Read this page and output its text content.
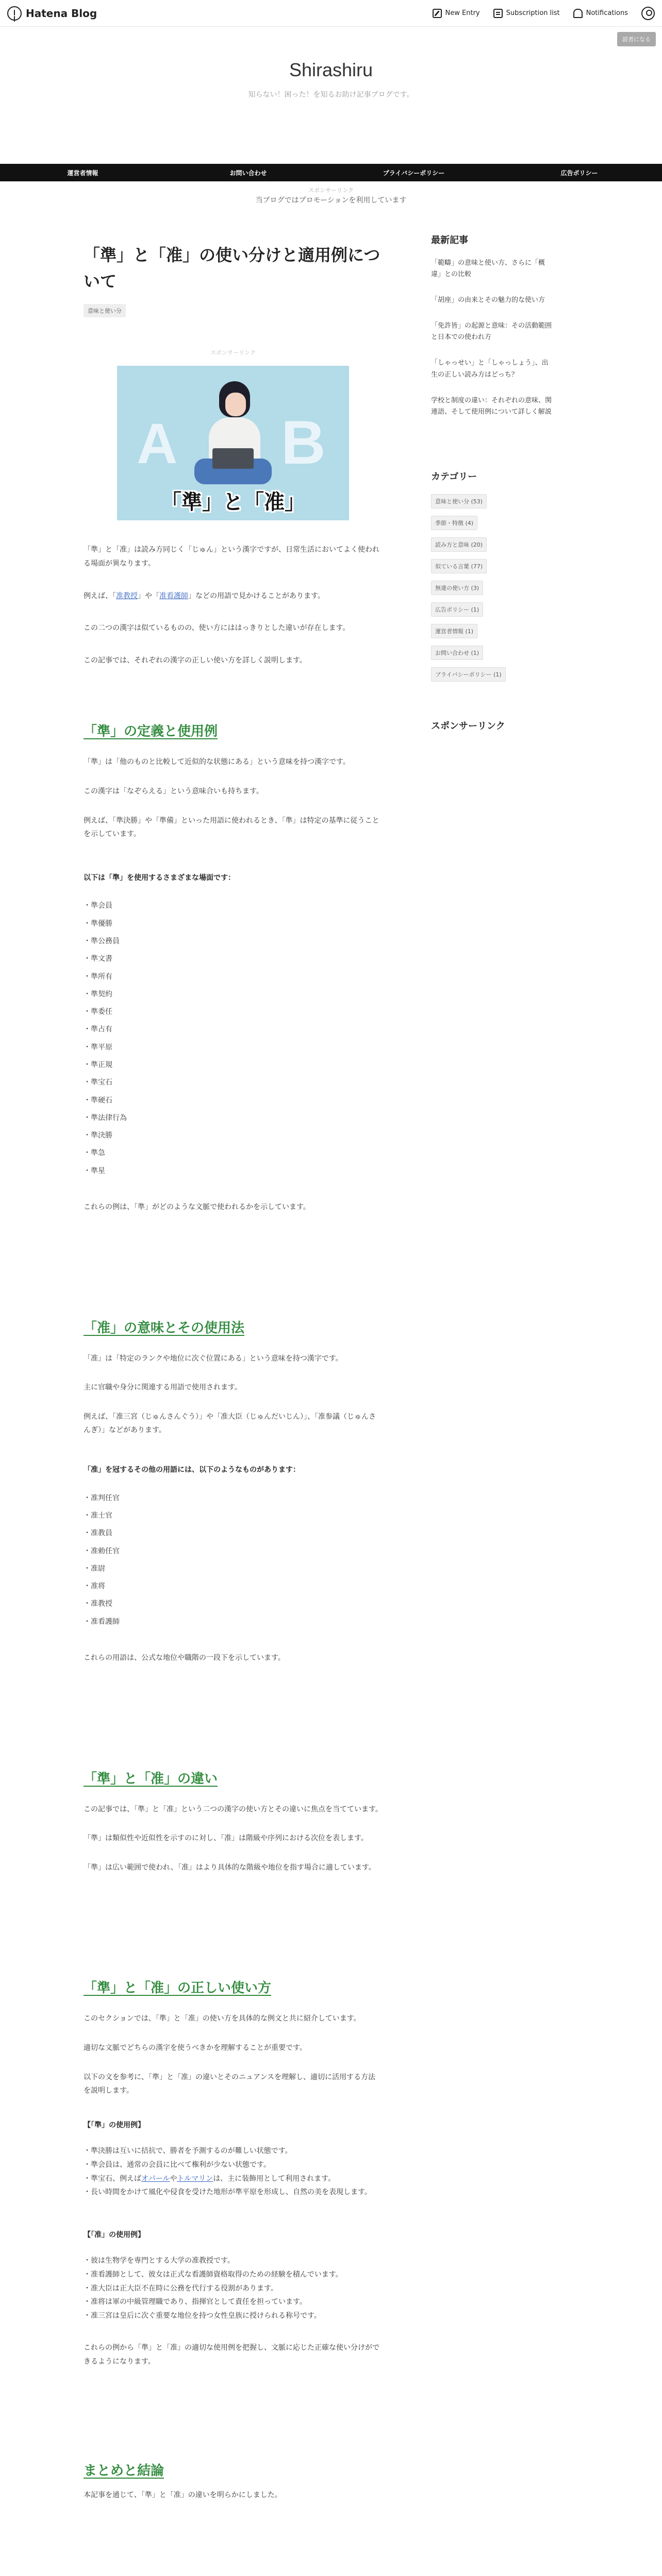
Hatena Blog	New Entry	Subscription list	Notifications
読者になる
Shirashiru
知らない！困った！を知るお助け記事ブログです。
運営者情報	お問い合わせ	プライバシーポリシー	広告ポリシー
スポンサーリンク
当ブログではプロモーションを利用しています
「準」と「准」の使い分けと適用例について
意味と使い分
スポンサーリンク
A B
「準」と「准」

「準」と「准」は読み方同じく「じゅん」という漢字ですが、日常生活においてよく使われる場面が異なります。

例えば、「准教授」や「准看護師」などの用語で見かけることがあります。

この二つの漢字は似ているものの、使い方にははっきりとした違いが存在します。

この記事では、それぞれの漢字の正しい使い方を詳しく説明します。

「準」の定義と使用例

「準」は「他のものと比較して近似的な状態にある」という意味を持つ漢字です。

この漢字は「なぞらえる」という意味合いも持ちます。

例えば、「準決勝」や「準備」といった用語に使われるとき、「準」は特定の基準に従うことを示しています。

以下は「準」を使用するさまざまな場面です：

・準会員
・準優勝
・準公務員
・準文書
・準所有
・準契約
・準委任
・準占有
・準平原
・準正規
・準宝石
・準硬石
・準法律行為
・準決勝
・準急
・準星

これらの例は、「準」がどのような文脈で使われるかを示しています。

「准」の意味とその使用法

「准」は「特定のランクや地位に次ぐ位置にある」という意味を持つ漢字です。

主に官職や身分に関連する用語で使用されます。

例えば、「准三宮（じゅんさんぐう）」や「准大臣（じゅんだいじん）」、「准参議（じゅんさんぎ）」などがあります。

「准」を冠するその他の用語には、以下のようなものがあります：

・准判任官
・准士官
・准教員
・准勅任官
・准尉
・准将
・准教授
・准看護師

これらの用語は、公式な地位や職階の一段下を示しています。

「準」と「准」の違い

この記事では、「準」と「准」という二つの漢字の使い方とその違いに焦点を当てています。

「準」は類似性や近似性を示すのに対し、「准」は階級や序列における次位を表します。

「準」は広い範囲で使われ、「准」はより具体的な階級や地位を指す場合に適しています。

「準」と「准」の正しい使い方

このセクションでは、「準」と「准」の使い方を具体的な例文と共に紹介しています。

適切な文脈でどちらの漢字を使うべきかを理解することが重要です。

以下の文を参考に、「準」と「准」の違いとそのニュアンスを理解し、適切に活用する方法を説明します。

【「準」の使用例】

・準決勝は互いに拮抗で、勝者を予測するのが難しい状態です。

・準会員は、通常の会員に比べて権利が少ない状態です。

・準宝石、例えばオパールやトルマリンは、主に装飾用として利用されます。

・長い時間をかけて風化や侵食を受けた地形が準平原を形成し、自然の美を表現します。

【「准」の使用例】

・彼は生物学を専門とする大学の准教授です。

・准看護師として、彼女は正式な看護師資格取得のための経験を積んでいます。

・准大臣は正大臣不在時に公務を代行する役割があります。

・准将は軍の中級管理職であり、指揮官として責任を担っています。

・准三宮は皇后に次ぐ重要な地位を持つ女性皇族に授けられる称号です。

これらの例から「準」と「准」の適切な使用例を把握し、文脈に応じた正確な使い分けができるようになります。

まとめと結論

本記事を通じて、「準」と「准」の違いを明らかにしました。

最新記事
「範疇」の意味と使い方、さらに「概違」との比較
「胡座」の由来とその魅力的な使い方
「免許皆」の起源と意味：その活動範囲と日本での使われ方
「しゃっせい」と「しゃっしょう」、出生の正しい読み方はどっち？
学校と制度の違い：それぞれの意味、関連語、そして使用例について詳しく解説
カテゴリー
意味と使い分 (53)
季節・特徴 (4)
読み方と意味 (20)
似ている言葉 (77)
無違の使い方 (3)
広告ポリシー (1)
運営者情報 (1)
お問い合わせ (1)
プライバシーポリシー (1)
スポンサーリンク
